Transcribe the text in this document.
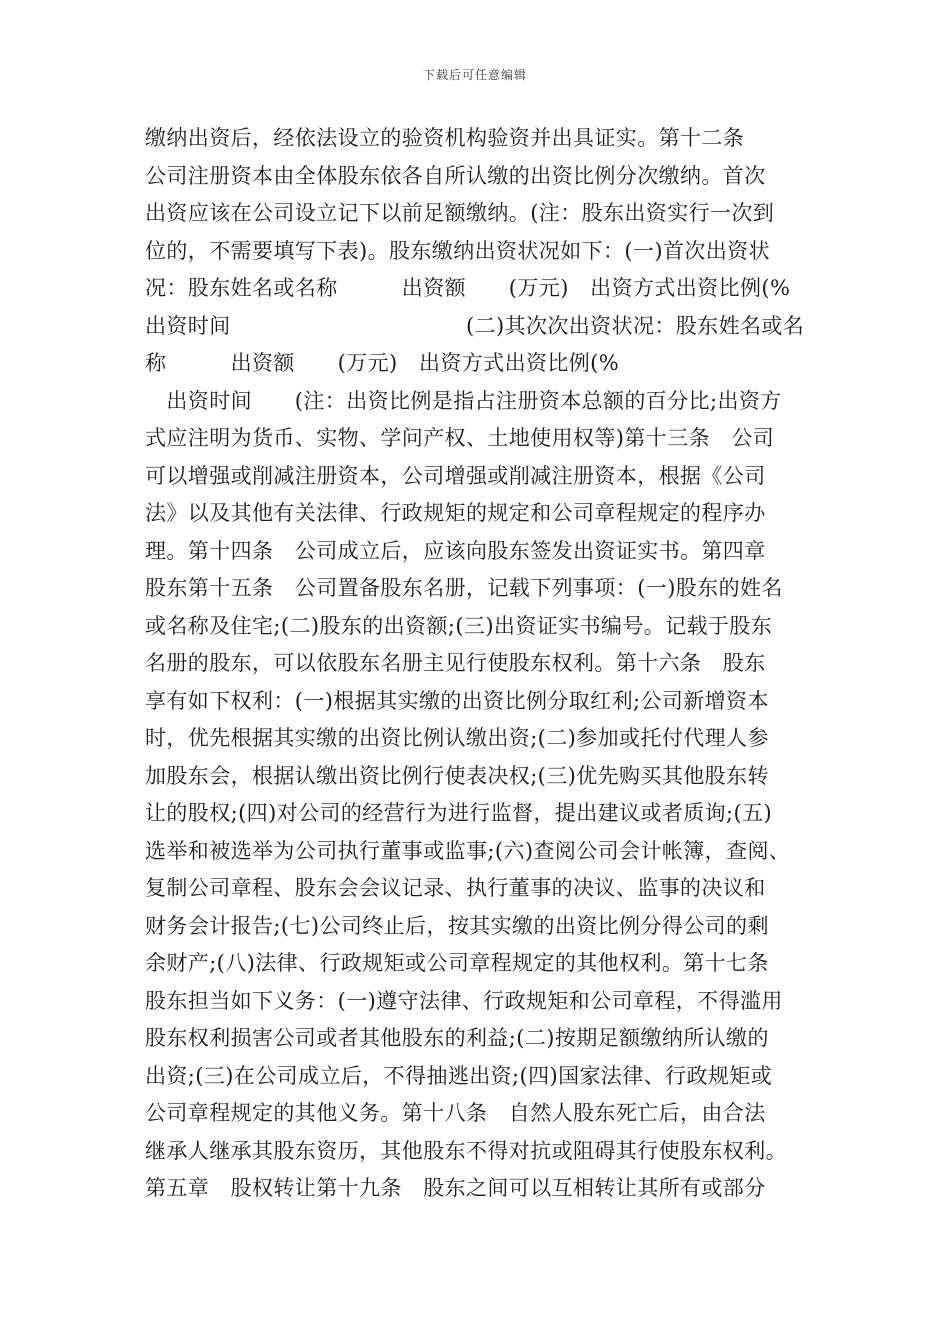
下载后可任意编辑
缴纳出资后，经依法设立的验资机构验资并出具证实。第十二条
公司注册资本由全体股东依各自所认缴的出资比例分次缴纳。首次
出资应该在公司设立记下以前足额缴纳。(注：股东出资实行一次到
位的，不需要填写下表)。股东缴纳出资状况如下：(一)首次出资状
况：股东姓名或名称　　　出资额　　(万元)　出资方式出资比例(%
出资时间　　　　　　　　　　　(二)其次次出资状况：股东姓名或名
称　　　出资额　　(万元)　出资方式出资比例(%
　出资时间　　(注：出资比例是指占注册资本总额的百分比;出资方
式应注明为货币、实物、学问产权、土地使用权等)第十三条　公司
可以增强或削减注册资本，公司增强或削减注册资本，根据《公司
法》以及其他有关法律、行政规矩的规定和公司章程规定的程序办
理。第十四条　公司成立后，应该向股东签发出资证实书。第四章
股东第十五条　公司置备股东名册，记载下列事项：(一)股东的姓名
或名称及住宅;(二)股东的出资额;(三)出资证实书编号。记载于股东
名册的股东，可以依股东名册主见行使股东权利。第十六条　股东
享有如下权利：(一)根据其实缴的出资比例分取红利;公司新增资本
时，优先根据其实缴的出资比例认缴出资;(二)参加或托付代理人参
加股东会，根据认缴出资比例行使表决权;(三)优先购买其他股东转
让的股权;(四)对公司的经营行为进行监督，提出建议或者质询;(五)
选举和被选举为公司执行董事或监事;(六)查阅公司会计帐簿，查阅、
复制公司章程、股东会会议记录、执行董事的决议、监事的决议和
财务会计报告;(七)公司终止后，按其实缴的出资比例分得公司的剩
余财产;(八)法律、行政规矩或公司章程规定的其他权利。第十七条
股东担当如下义务：(一)遵守法律、行政规矩和公司章程，不得滥用
股东权利损害公司或者其他股东的利益;(二)按期足额缴纳所认缴的
出资;(三)在公司成立后，不得抽逃出资;(四)国家法律、行政规矩或
公司章程规定的其他义务。第十八条　自然人股东死亡后，由合法
继承人继承其股东资历，其他股东不得对抗或阻碍其行使股东权利。
第五章　股权转让第十九条　股东之间可以互相转让其所有或部分
